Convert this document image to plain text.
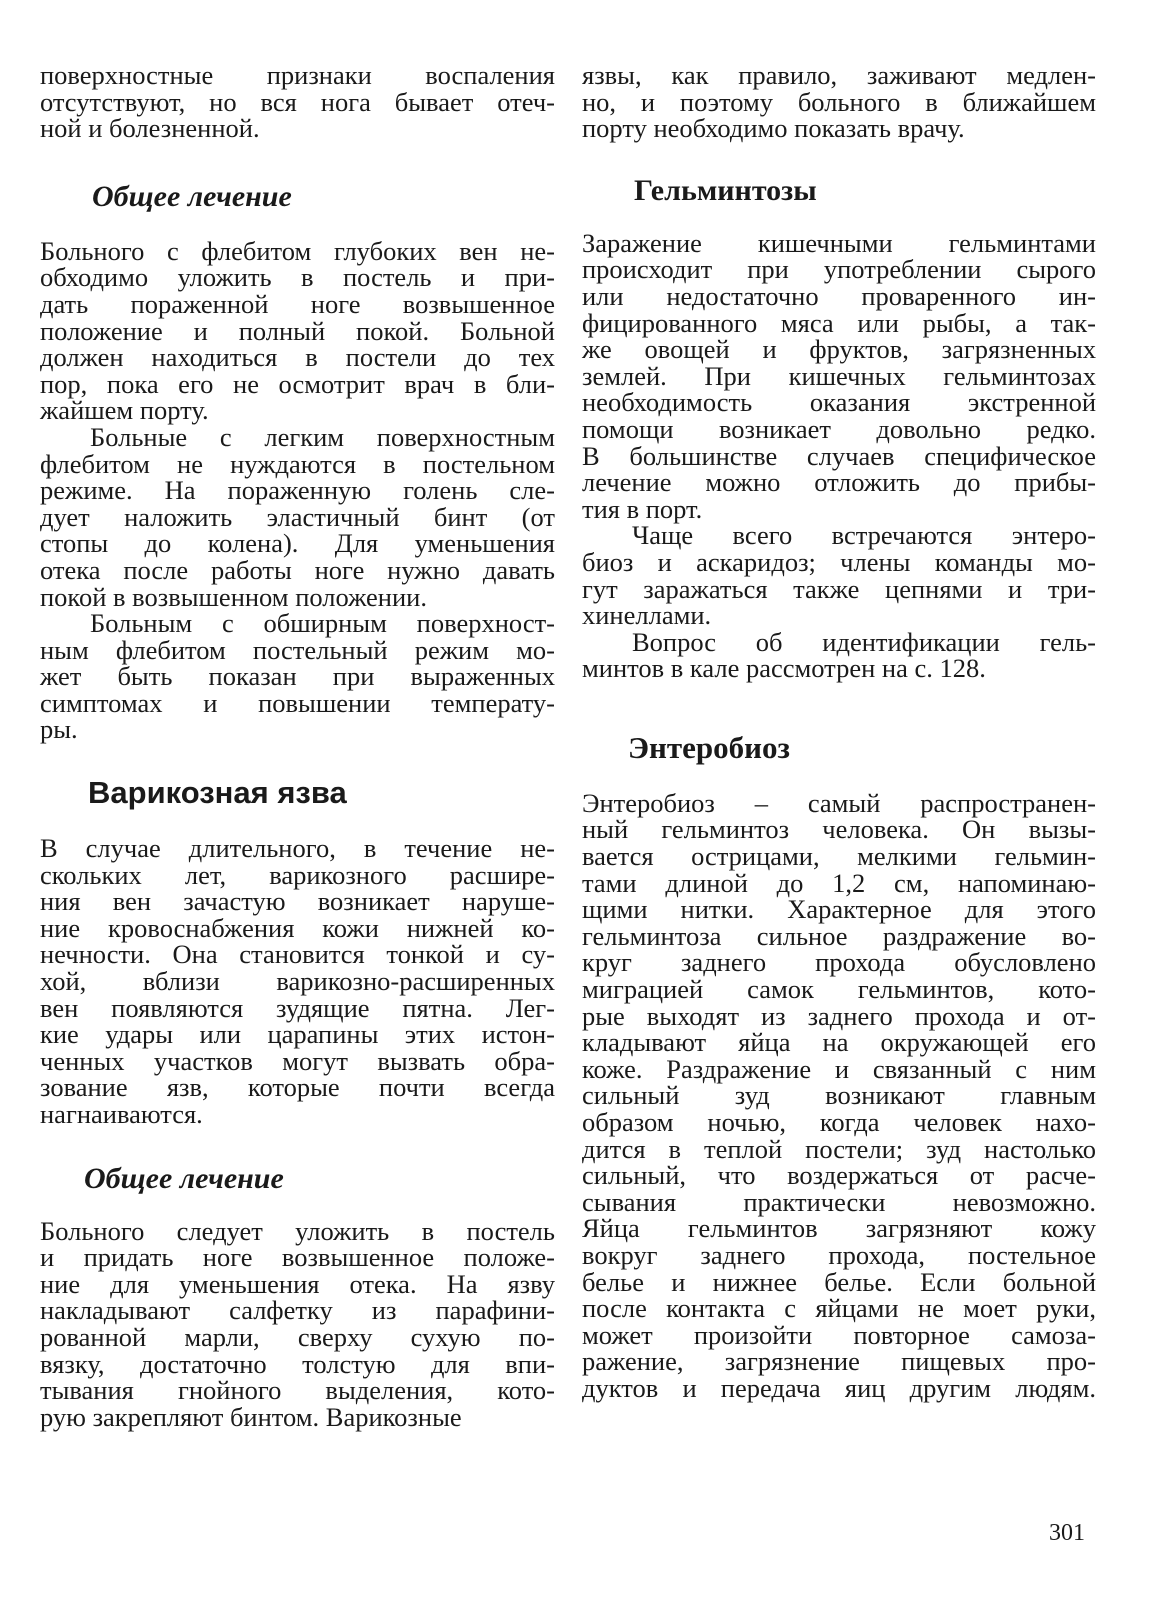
поверхностные признаки воспаления
отсутствуют, но вся нога бывает отеч-
ной и болезненной.

Общее лечение

Больного с флебитом глубоких вен не-
обходимо уложить в постель и при-
дать пораженной ноге возвышенное
положение и полный покой. Больной
должен находиться в постели до тех
пор, пока его не осмотрит врач в бли-
жайшем порту.

Больные с легким поверхностным
флебитом не нуждаются в постельном
режиме. На пораженную голень сле-
дует наложить эластичный бинт (от
стопы до колена). Для уменьшения
отека после работы ноге нужно давать
покой в возвышенном положении.

Больным с обширным поверхност-
ным флебитом постельный режим мо-
жет быть показан при выраженных
симптомах и повышении температу-
ры.

Варикозная язва

В случае длительного, в течение не-
скольких лет, варикозного расшире-
ния вен зачастую возникает наруше-
ние кровоснабжения кожи нижней ко-
нечности. Она становится тонкой и су-
хой, вблизи варикозно-расширенных
вен появляются зудящие пятна. Лег-
кие удары или царапины этих истон-
ченных участков могут вызвать обра-
зование язв, которые почти всегда
нагнаиваются.

Общее лечение

Больного следует уложить в постель
и придать ноге возвышенное положе-
ние для уменьшения отека. На язву
накладывают салфетку из парафини-
рованной марли, сверху сухую по-
вязку, достаточно толстую для впи-
тывания гнойного выделения, кото-
рую закрепляют бинтом. Варикозные

язвы, как правило, заживают медлен-
но, и поэтому больного в ближайшем
порту необходимо показать врачу.

Гельминтозы

Заражение кишечными гельминтами
происходит при употреблении сырого
или недостаточно проваренного ин-
фицированного мяса или рыбы, а так-
же овощей и фруктов, загрязненных
землей. При кишечных гельминтозах
необходимость оказания экстренной
помощи возникает довольно редко.
В большинстве случаев специфическое
лечение можно отложить до прибы-
тия в порт.

Чаще всего встречаются энтеро-
биоз и аскаридоз; члены команды мо-
гут заражаться также цепнями и три-
хинеллами.

Вопрос об идентификации гель-
минтов в кале рассмотрен на с. 128.

Энтеробиоз

Энтеробиоз – самый распространен-
ный гельминтоз человека. Он вызы-
вается острицами, мелкими гельмин-
тами длиной до 1,2 см, напоминаю-
щими нитки. Характерное для этого
гельминтоза сильное раздражение во-
круг заднего прохода обусловлено
миграцией самок гельминтов, кото-
рые выходят из заднего прохода и от-
кладывают яйца на окружающей его
коже. Раздражение и связанный с ним
сильный зуд возникают главным
образом ночью, когда человек нахо-
дится в теплой постели; зуд настолько
сильный, что воздержаться от расче-
сывания практически невозможно.
Яйца гельминтов загрязняют кожу
вокруг заднего прохода, постельное
белье и нижнее белье. Если больной
после контакта с яйцами не моет руки,
может произойти повторное самоза-
ражение, загрязнение пищевых про-
дуктов и передача яиц другим людям.

301
